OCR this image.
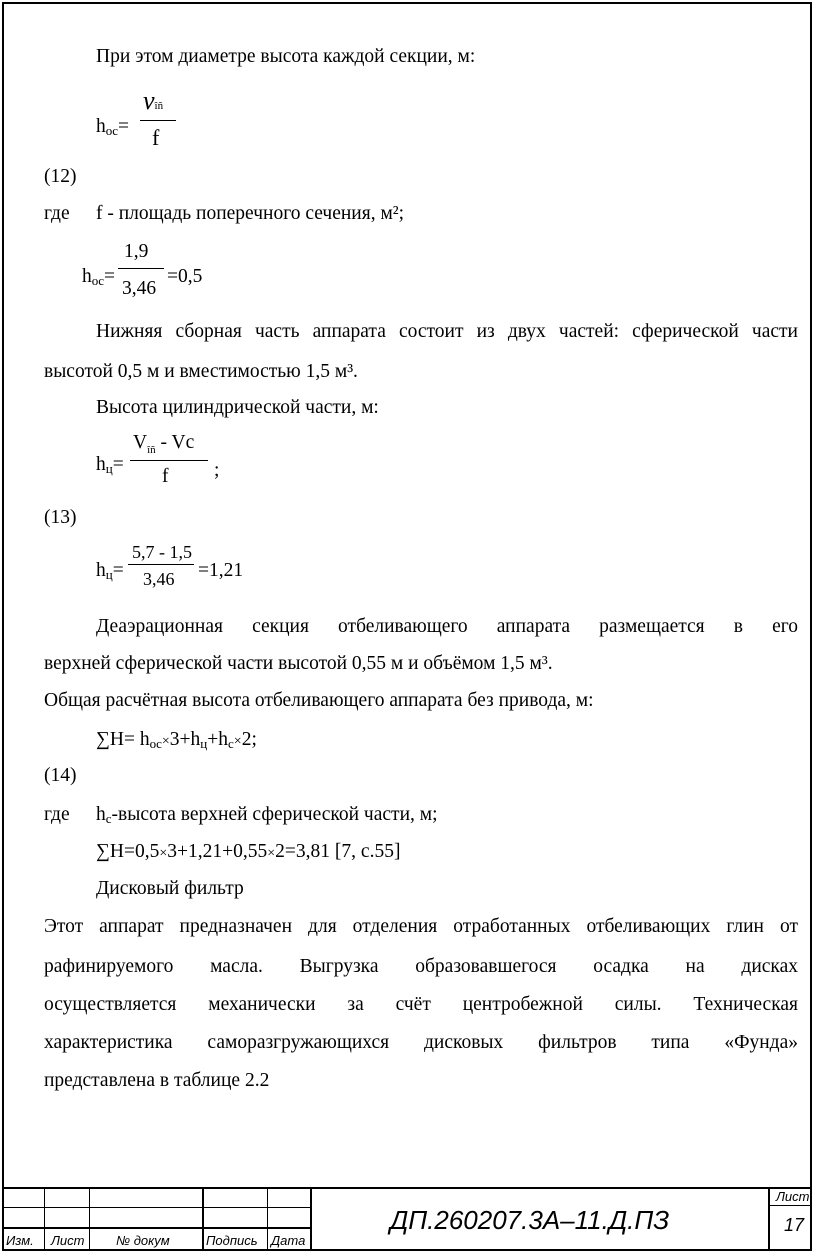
При этом диаметре высота каждой секции, м:
$h_{oc}=$
νîñ
f
(12)
где f - площадь поперечного сечения, м²;
$h_{oc}=$
1,9
3,46
=0,5
Нижняя сборная часть аппарата состоит из двух частей: сферической части
высотой 0,5 м и вместимостью 1,5 м³.
Высота цилиндрической части, м:
$h_ц=$
$V_{îñ}$ - Vc
f ;
(13)
$h_ц=$
5,7 - 1,5
3,46 =1,21
Деаэрационная секция отбеливающего аппарата размещается в его
верхней сферической части высотой 0,55 м и объёмом 1,5 м³.
Общая расчётная высота отбеливающего аппарата без привода, м:
$\sum H= h_{oc}\times 3+h_ц+h_c\times 2$;
(14)
где $h_c$-высота верхней сферической части, м;
∑H=0,5×3+1,21+0,55×2=3,81 [7, с.55]
Дисковый фильтр
Этот аппарат предназначен для отделения отработанных отбеливающих глин от
рафинируемого масла. Выгрузка образовавшегося осадка на дисках
осуществляется механически за счёт центробежной силы. Техническая
характеристика саморазгружающихся дисковых фильтров типа «Фунда»
представлена в таблице 2.2
Изм. Лист № докум	Подпись Дата
ДП.260207.3А–11.Д.ПЗ
Лист
17
